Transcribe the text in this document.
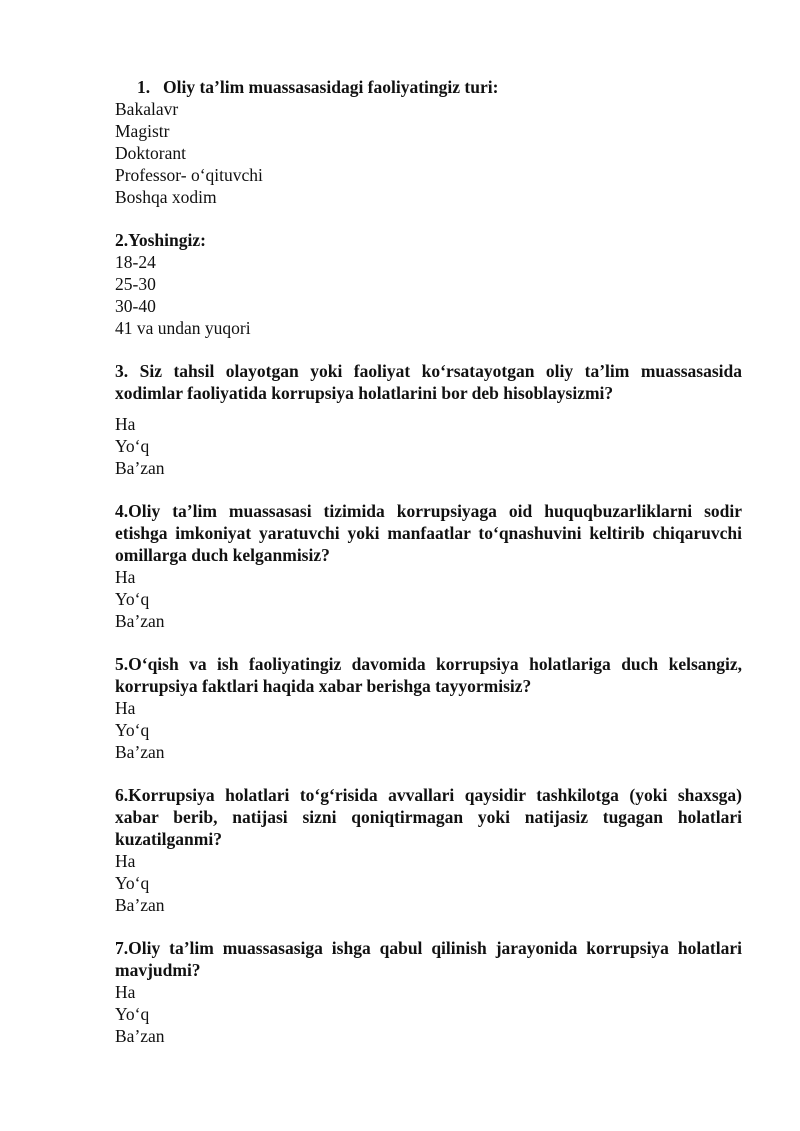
1. Oliy ta’lim muassasasidagi faoliyatingiz turi:

Bakalavr
Magistr
Doktorant
Professor- o‘qituvchi
Boshqa xodim

2.Yoshingiz:

18-24
25-30
30-40
41 va undan yuqori

3. Siz tahsil olayotgan yoki faoliyat ko‘rsatayotgan oliy ta’lim muassasasida xodimlar faoliyatida korrupsiya holatlarini bor deb hisoblaysizmi?

Ha
Yo‘q
Ba’zan

4.Oliy ta’lim muassasasi tizimida korrupsiyaga oid huquqbuzarliklarni sodir etishga imkoniyat yaratuvchi yoki manfaatlar to‘qnashuvini keltirib chiqaruvchi omillarga duch kelganmisiz?

Ha
Yo‘q
Ba’zan

5.O‘qish va ish faoliyatingiz davomida korrupsiya holatlariga duch kelsangiz, korrupsiya faktlari haqida xabar berishga tayyormisiz?

Ha
Yo‘q
Ba’zan

6.Korrupsiya holatlari to‘g‘risida avvallari qaysidir tashkilotga (yoki shaxsga) xabar berib, natijasi sizni qoniqtirmagan yoki natijasiz tugagan holatlari kuzatilganmi?

Ha
Yo‘q
Ba’zan

7.Oliy ta’lim muassasasiga ishga qabul qilinish jarayonida korrupsiya holatlari mavjudmi?

Ha
Yo‘q
Ba’zan
